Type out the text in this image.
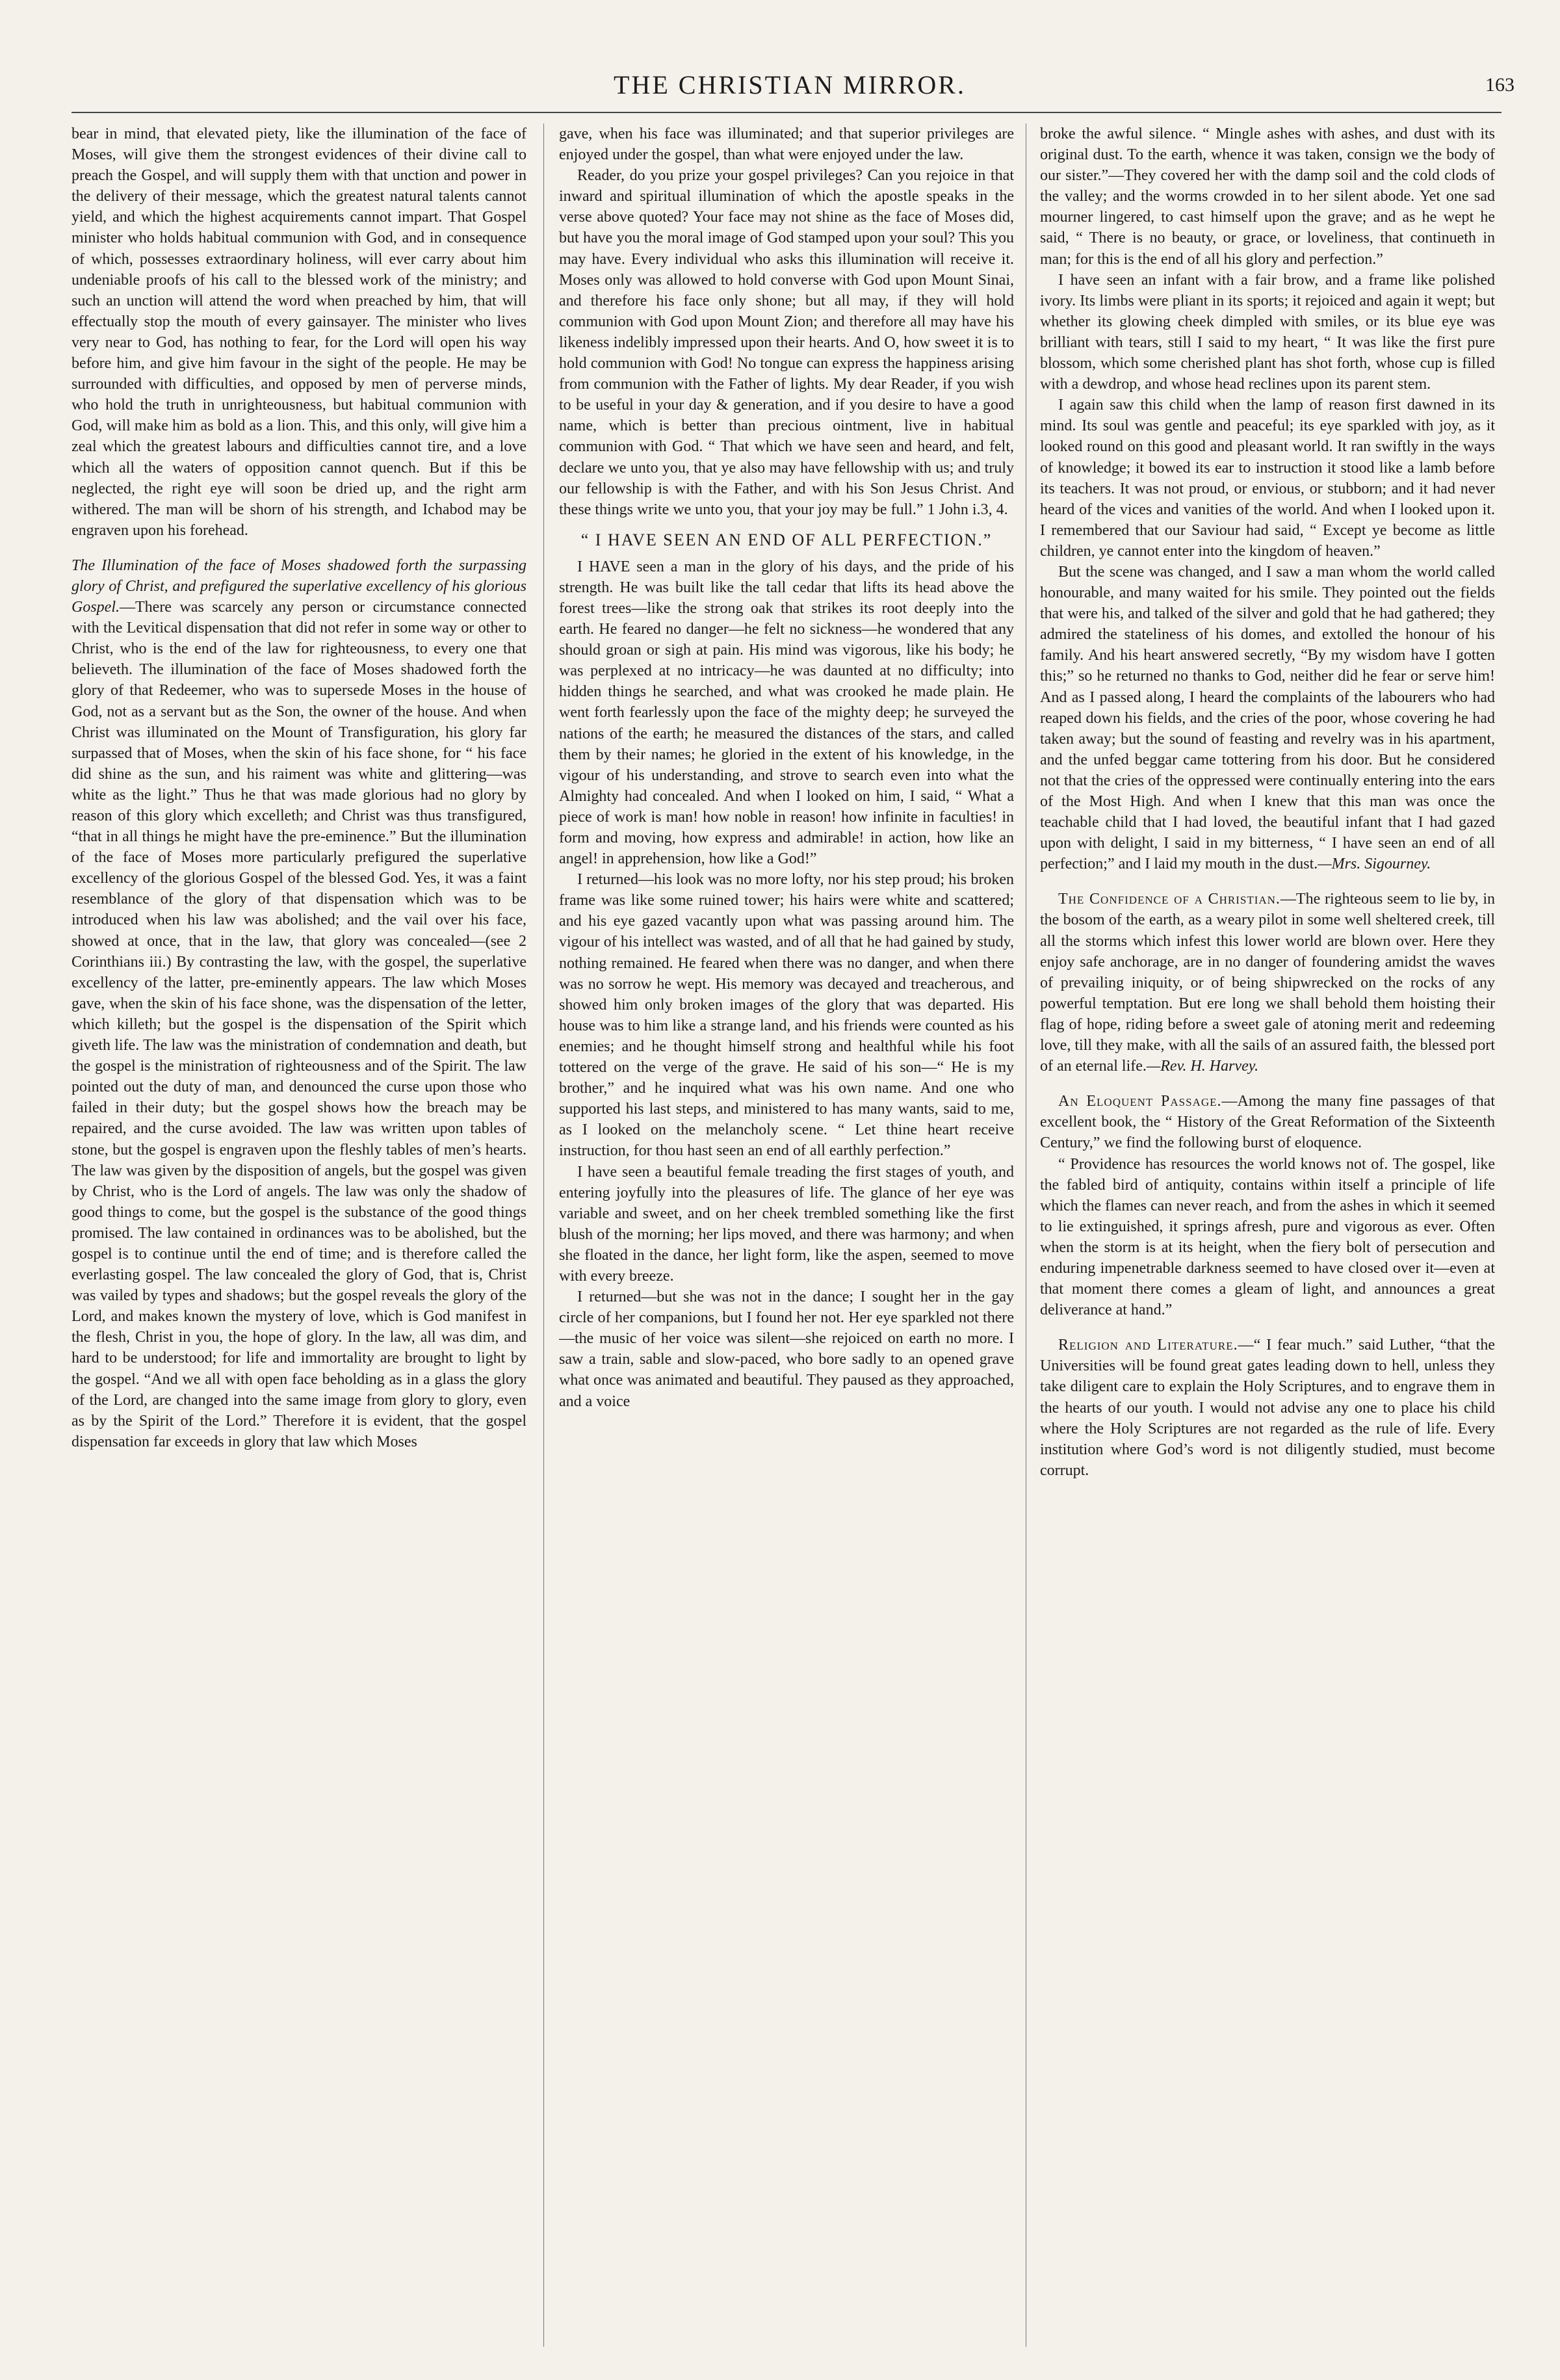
THE CHRISTIAN MIRROR.	163

bear in mind, that elevated piety, like the illumination of the face of Moses, will give them the strongest evidences of their divine call to preach the Gospel, and will supply them with that unction and power in the delivery of their message, which the greatest natural talents cannot yield, and which the highest acquirements cannot impart. That Gospel minister who holds habitual communion with God, and in consequence of which, possesses extraordinary holiness, will ever carry about him undeniable proofs of his call to the blessed work of the ministry; and such an unction will attend the word when preached by him, that will effectually stop the mouth of every gainsayer. The minister who lives very near to God, has nothing to fear, for the Lord will open his way before him, and give him favour in the sight of the people. He may be surrounded with difficulties, and opposed by men of perverse minds, who hold the truth in unrighteousness, but habitual communion with God, will make him as bold as a lion. This, and this only, will give him a zeal which the greatest labours and difficulties cannot tire, and a love which all the waters of opposition cannot quench. But if this be neglected, the right eye will soon be dried up, and the right arm withered. The man will be shorn of his strength, and Ichabod may be engraven upon his forehead.

The Illumination of the face of Moses shadowed forth the surpassing glory of Christ, and prefigured the superlative excellency of his glorious Gospel.—There was scarcely any person or circumstance connected with the Levitical dispensation that did not refer in some way or other to Christ, who is the end of the law for righteousness, to every one that believeth. The illumination of the face of Moses shadowed forth the glory of that Redeemer, who was to supersede Moses in the house of God, not as a servant but as the Son, the owner of the house. And when Christ was illuminated on the Mount of Transfiguration, his glory far surpassed that of Moses, when the skin of his face shone, for “ his face did shine as the sun, and his raiment was white and glittering—was white as the light.” Thus he that was made glorious had no glory by reason of this glory which excelleth; and Christ was thus transfigured, “that in all things he might have the pre-eminence.” But the illumination of the face of Moses more particularly prefigured the superlative excellency of the glorious Gospel of the blessed God. Yes, it was a faint resemblance of the glory of that dispensation which was to be introduced when his law was abolished; and the vail over his face, showed at once, that in the law, that glory was concealed—(see 2 Corinthians iii.) By contrasting the law, with the gospel, the superlative excellency of the latter, pre-eminently appears. The law which Moses gave, when the skin of his face shone, was the dispensation of the letter, which killeth; but the gospel is the dispensation of the Spirit which giveth life. The law was the ministration of condemnation and death, but the gospel is the ministration of righteousness and of the Spirit. The law pointed out the duty of man, and denounced the curse upon those who failed in their duty; but the gospel shows how the breach may be repaired, and the curse avoided. The law was written upon tables of stone, but the gospel is engraven upon the fleshly tables of men’s hearts. The law was given by the disposition of angels, but the gospel was given by Christ, who is the Lord of angels. The law was only the shadow of good things to come, but the gospel is the substance of the good things promised. The law contained in ordinances was to be abolished, but the gospel is to continue until the end of time; and is therefore called the everlasting gospel. The law concealed the glory of God, that is, Christ was vailed by types and shadows; but the gospel reveals the glory of the Lord, and makes known the mystery of love, which is God manifest in the flesh, Christ in you, the hope of glory. In the law, all was dim, and hard to be understood; for life and immortality are brought to light by the gospel. “And we all with open face beholding as in a glass the glory of the Lord, are changed into the same image from glory to glory, even as by the Spirit of the Lord.” Therefore it is evident, that the gospel dispensation far exceeds in glory that law which Moses

gave, when his face was illuminated; and that superior privileges are enjoyed under the gospel, than what were enjoyed under the law.

Reader, do you prize your gospel privileges? Can you rejoice in that inward and spiritual illumination of which the apostle speaks in the verse above quoted? Your face may not shine as the face of Moses did, but have you the moral image of God stamped upon your soul? This you may have. Every individual who asks this illumination will receive it. Moses only was allowed to hold converse with God upon Mount Sinai, and therefore his face only shone; but all may, if they will hold communion with God upon Mount Zion; and therefore all may have his likeness indelibly impressed upon their hearts. And O, how sweet it is to hold communion with God! No tongue can express the happiness arising from communion with the Father of lights. My dear Reader, if you wish to be useful in your day & generation, and if you desire to have a good name, which is better than precious ointment, live in habitual communion with God. “ That which we have seen and heard, and felt, declare we unto you, that ye also may have fellowship with us; and truly our fellowship is with the Father, and with his Son Jesus Christ. And these things write we unto you, that your joy may be full.” 1 John i.3, 4.

“ I HAVE SEEN AN END OF ALL PERFECTION.”

I HAVE seen a man in the glory of his days, and the pride of his strength. He was built like the tall cedar that lifts its head above the forest trees—like the strong oak that strikes its root deeply into the earth. He feared no danger—he felt no sickness—he wondered that any should groan or sigh at pain. His mind was vigorous, like his body; he was perplexed at no intricacy—he was daunted at no difficulty; into hidden things he searched, and what was crooked he made plain. He went forth fearlessly upon the face of the mighty deep; he surveyed the nations of the earth; he measured the distances of the stars, and called them by their names; he gloried in the extent of his knowledge, in the vigour of his understanding, and strove to search even into what the Almighty had concealed. And when I looked on him, I said, “ What a piece of work is man! how noble in reason! how infinite in faculties! in form and moving, how express and admirable! in action, how like an angel! in apprehension, how like a God!”

I returned—his look was no more lofty, nor his step proud; his broken frame was like some ruined tower; his hairs were white and scattered; and his eye gazed vacantly upon what was passing around him. The vigour of his intellect was wasted, and of all that he had gained by study, nothing remained. He feared when there was no danger, and when there was no sorrow he wept. His memory was decayed and treacherous, and showed him only broken images of the glory that was departed. His house was to him like a strange land, and his friends were counted as his enemies; and he thought himself strong and healthful while his foot tottered on the verge of the grave. He said of his son—“ He is my brother,” and he inquired what was his own name. And one who supported his last steps, and ministered to has many wants, said to me, as I looked on the melancholy scene. “ Let thine heart receive instruction, for thou hast seen an end of all earthly perfection.”

I have seen a beautiful female treading the first stages of youth, and entering joyfully into the pleasures of life. The glance of her eye was variable and sweet, and on her cheek trembled something like the first blush of the morning; her lips moved, and there was harmony; and when she floated in the dance, her light form, like the aspen, seemed to move with every breeze.

I returned—but she was not in the dance; I sought her in the gay circle of her companions, but I found her not. Her eye sparkled not there—the music of her voice was silent—she rejoiced on earth no more. I saw a train, sable and slow-paced, who bore sadly to an opened grave what once was animated and beautiful. They paused as they approached, and a voice

broke the awful silence. “ Mingle ashes with ashes, and dust with its original dust. To the earth, whence it was taken, consign we the body of our sister.”—They covered her with the damp soil and the cold clods of the valley; and the worms crowded in to her silent abode. Yet one sad mourner lingered, to cast himself upon the grave; and as he wept he said, “ There is no beauty, or grace, or loveliness, that continueth in man; for this is the end of all his glory and perfection.”

I have seen an infant with a fair brow, and a frame like polished ivory. Its limbs were pliant in its sports; it rejoiced and again it wept; but whether its glowing cheek dimpled with smiles, or its blue eye was brilliant with tears, still I said to my heart, “ It was like the first pure blossom, which some cherished plant has shot forth, whose cup is filled with a dewdrop, and whose head reclines upon its parent stem.

I again saw this child when the lamp of reason first dawned in its mind. Its soul was gentle and peaceful; its eye sparkled with joy, as it looked round on this good and pleasant world. It ran swiftly in the ways of knowledge; it bowed its ear to instruction it stood like a lamb before its teachers. It was not proud, or envious, or stubborn; and it had never heard of the vices and vanities of the world. And when I looked upon it. I remembered that our Saviour had said, “ Except ye become as little children, ye cannot enter into the kingdom of heaven.”

But the scene was changed, and I saw a man whom the world called honourable, and many waited for his smile. They pointed out the fields that were his, and talked of the silver and gold that he had gathered; they admired the stateliness of his domes, and extolled the honour of his family. And his heart answered secretly, “By my wisdom have I gotten this;” so he returned no thanks to God, neither did he fear or serve him! And as I passed along, I heard the complaints of the labourers who had reaped down his fields, and the cries of the poor, whose covering he had taken away; but the sound of feasting and revelry was in his apartment, and the unfed beggar came tottering from his door. But he considered not that the cries of the oppressed were continually entering into the ears of the Most High. And when I knew that this man was once the teachable child that I had loved, the beautiful infant that I had gazed upon with delight, I said in my bitterness, “ I have seen an end of all perfection;” and I laid my mouth in the dust.—Mrs. Sigourney.

The Confidence of a Christian.—The righteous seem to lie by, in the bosom of the earth, as a weary pilot in some well sheltered creek, till all the storms which infest this lower world are blown over. Here they enjoy safe anchorage, are in no danger of foundering amidst the waves of prevailing iniquity, or of being shipwrecked on the rocks of any powerful temptation. But ere long we shall behold them hoisting their flag of hope, riding before a sweet gale of atoning merit and redeeming love, till they make, with all the sails of an assured faith, the blessed port of an eternal life.—Rev. H. Harvey.

An Eloquent Passage.—Among the many fine passages of that excellent book, the “ History of the Great Reformation of the Sixteenth Century,” we find the following burst of eloquence.

“ Providence has resources the world knows not of. The gospel, like the fabled bird of antiquity, contains within itself a principle of life which the flames can never reach, and from the ashes in which it seemed to lie extinguished, it springs afresh, pure and vigorous as ever. Often when the storm is at its height, when the fiery bolt of persecution and enduring impenetrable darkness seemed to have closed over it—even at that moment there comes a gleam of light, and announces a great deliverance at hand.”

Religion and Literature.—“ I fear much.” said Luther, “that the Universities will be found great gates leading down to hell, unless they take diligent care to explain the Holy Scriptures, and to engrave them in the hearts of our youth. I would not advise any one to place his child where the Holy Scriptures are not regarded as the rule of life. Every institution where God’s word is not diligently studied, must become corrupt.
